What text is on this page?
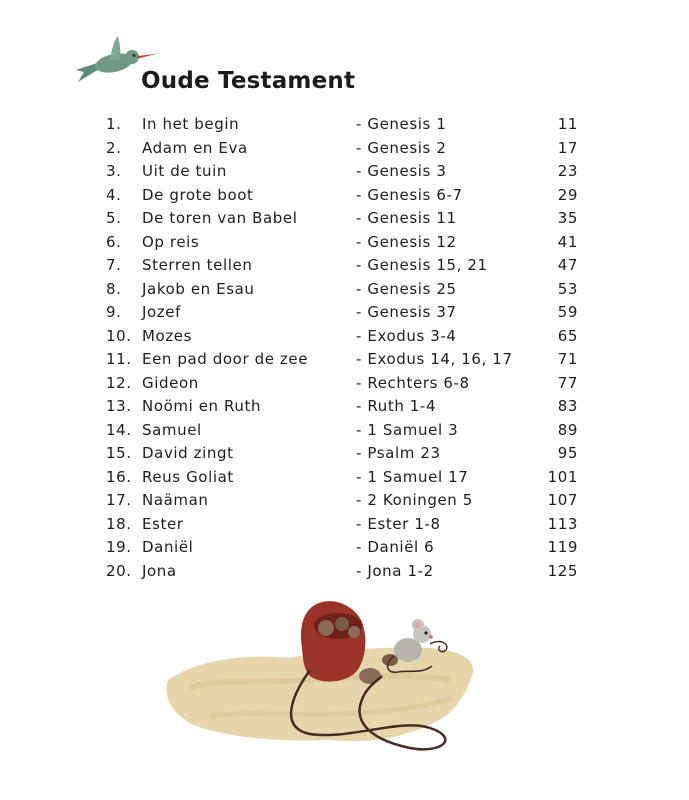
Oude Testament
1. In het begin	- Genesis 1	11
2. Adam en Eva	- Genesis 2	17
3. Uit de tuin	- Genesis 3	23
4. De grote boot	- Genesis 6-7	29
5. De toren van Babel	- Genesis 11	35
6. Op reis	- Genesis 12	41
7. Sterren tellen	- Genesis 15, 21	47
8. Jakob en Esau	- Genesis 25	53
9. Jozef	- Genesis 37	59
10. Mozes	- Exodus 3-4	65
11. Een pad door de zee	- Exodus 14, 16, 17	71
12. Gideon	- Rechters 6-8	77
13. Noömi en Ruth	- Ruth 1-4	83
14. Samuel	- 1 Samuel 3	89
15. David zingt	- Psalm 23	95
16. Reus Goliat	- 1 Samuel 17	101
17. Naäman	- 2 Koningen 5	107
18. Ester	- Ester 1-8	113
19. Daniël	- Daniël 6	119
20. Jona	- Jona 1-2	125
